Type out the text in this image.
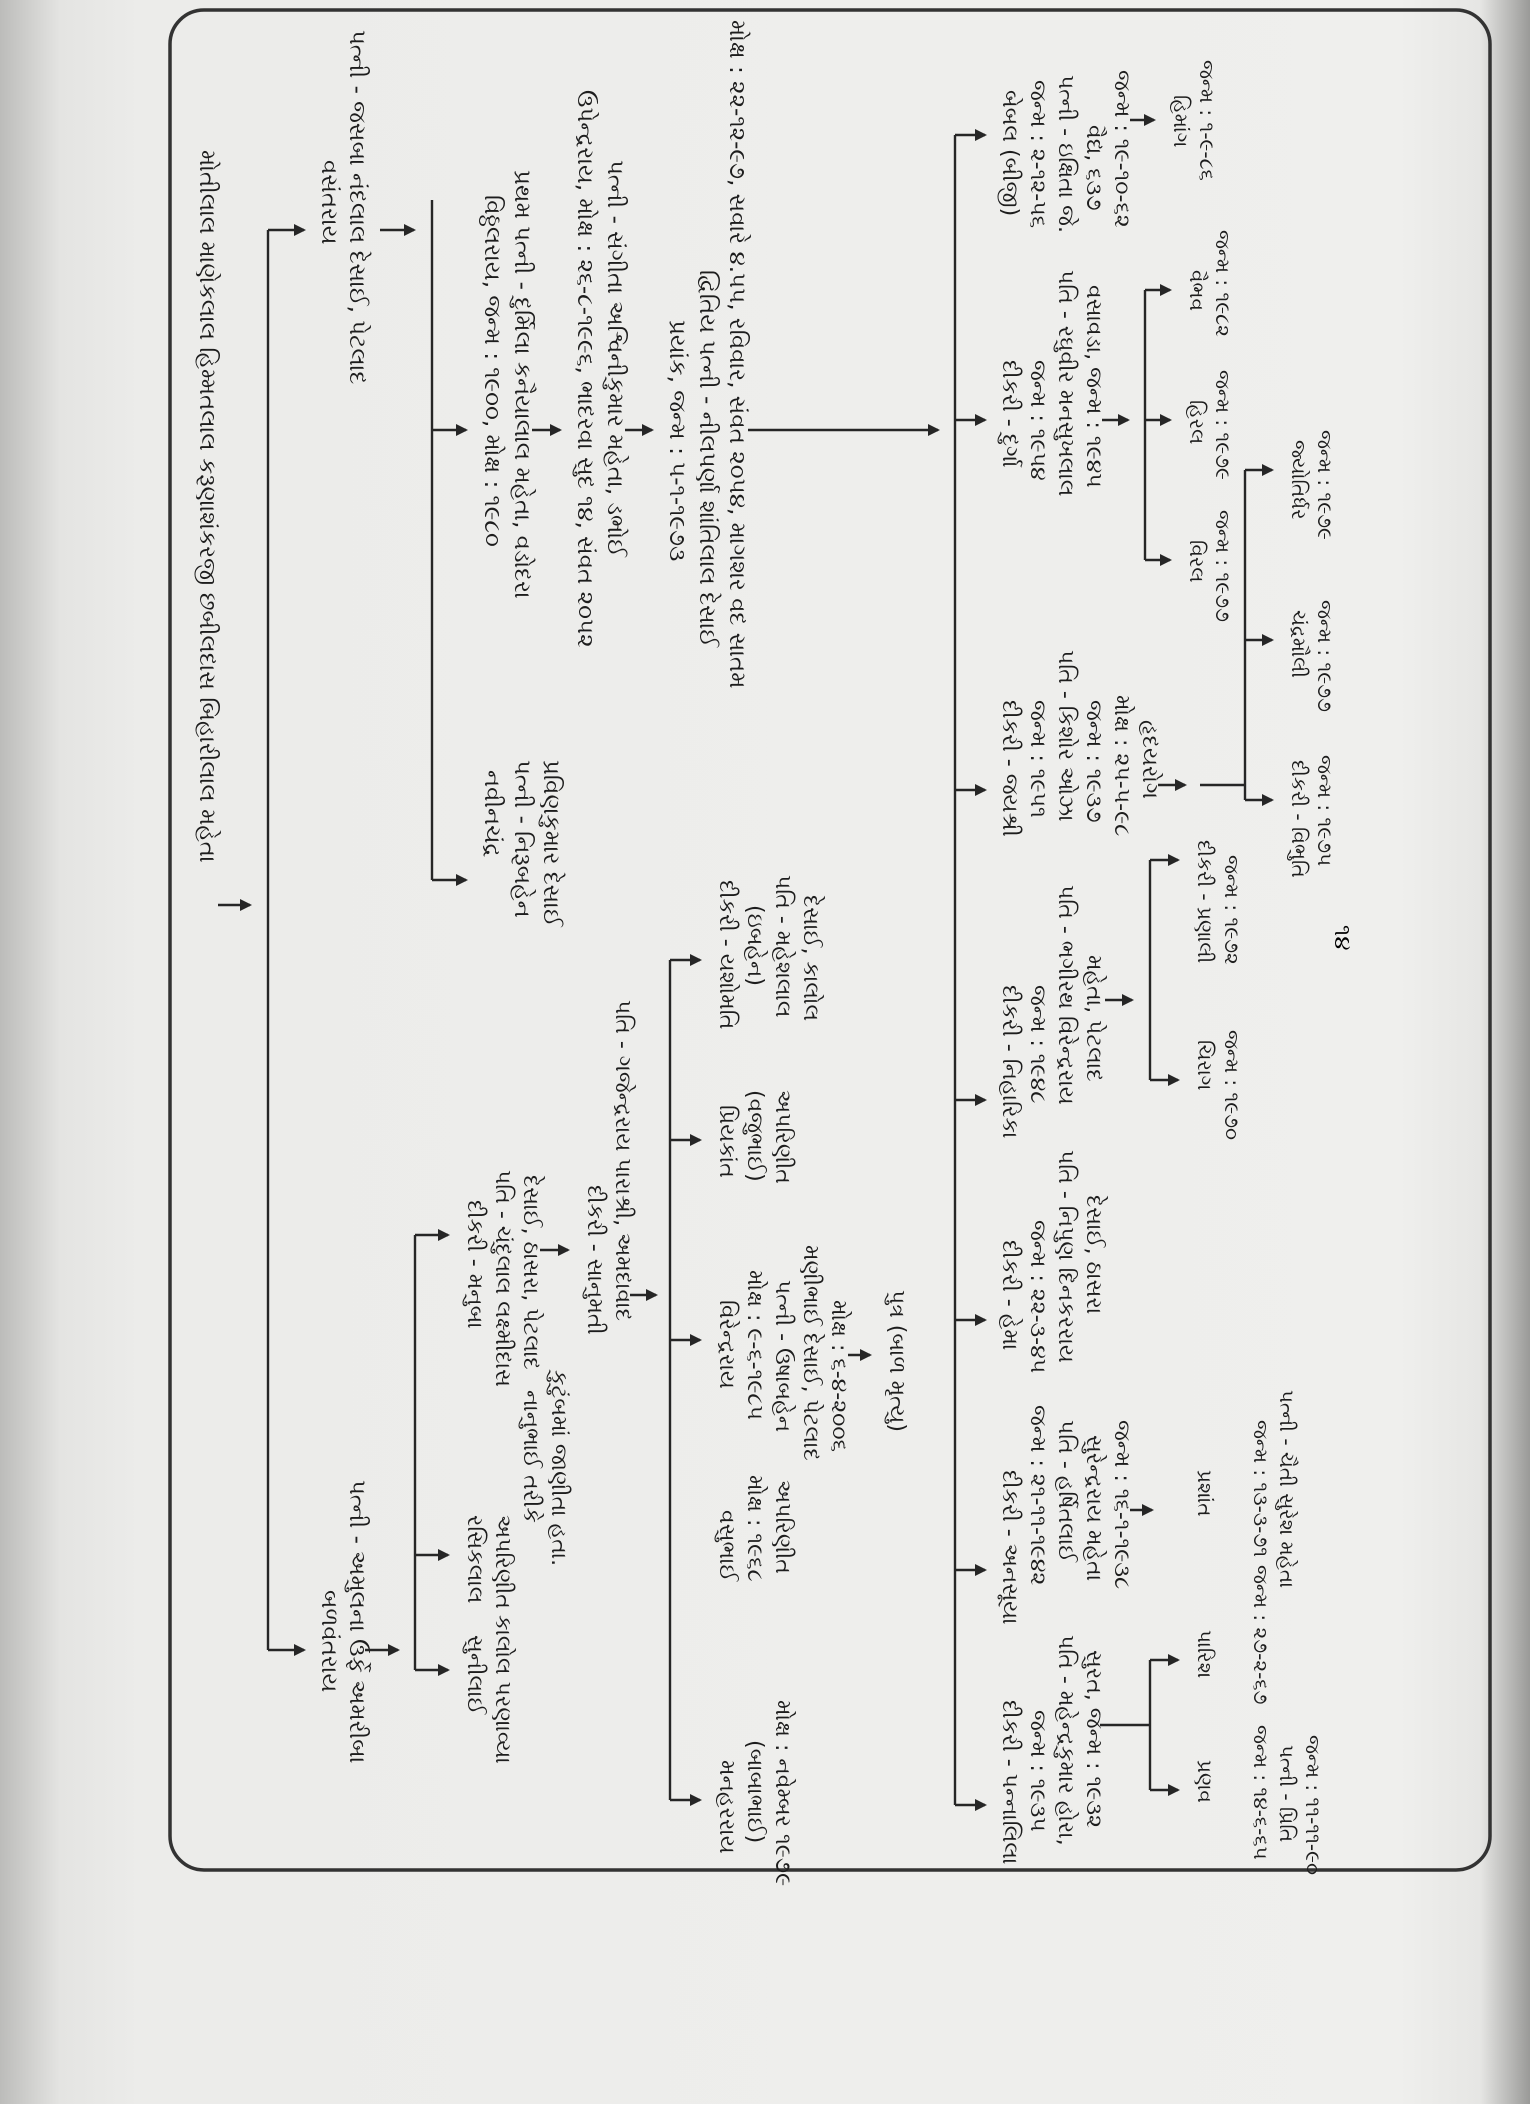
મોતીલાલ માણેકલાલ હિમ્મતલાલ કરૂણાશંકરજી છબીલદાસ બિહારીલાલ મહેતા	વસંતરાય પત્ની - જસબા નંદલાલ દેસાઈ, પેટલાદ
નવીનચંદ્ર પત્ની - નિરૂબહેન પ્રવિણકુમાર દેસાઈ
વિઠ્ઠલરાય, જન્મ : ૧૯૦૦, મોક્ષ : ૧૯૮૦ પ્રથમ પત્ની - દુર્મિલા કનૈયાલાલ મહેતા, વડોદરા ઉપેન્દ્રરાય, મોક્ષ : ૨૬-૮-૧૯૯૬, ભાદરવા સુદ ૧૪, સંવત ૨૦૫૨ પત્ની - સંગીતા અશ્વિનીકુમાર મહેતા, ડભોઈ પ્રયાંક, જન્મ : ૫-૧-૧૯૭૩ દ્વિતિય પત્ની - નીલપર્ણા શાંતિલાલ દેસાઈ મોક્ષ : ૨૨-૧૨-૯૭, સવારે ૪.૫૫, રવિવાર, સંવત ૨૦૫૪, માગશર વદ સાતમ
બળવંતરાય પત્ની - અમુલના ઉર્ફે અમરીબા	સુનીલાઈ કાલોલ પરણાવ્યા
રસિકલાલ અપરિણીત
નાનુભાઈ તરીકે કુટુંબમાં જાણીતા હતા.
દીકરી - મનુબા પતિ - ચંદુલાલ લક્ષ્મીદાસ દેસાઈ, ઠાસરા, પેટલાદ દીકરી - સાનુમતી પતિ - ગજેન્દ્રરાય પારાશ્રી, અમદાવાદ
મનહરરાય (બાબાભાઈ) મોક્ષ : નવેમ્બર ૧૯૭૯
વસુભાઈ મોક્ષ : ૧૯૬૮ અપરિણીત
વિરેન્દ્રરાય મોક્ષ : ૯-૬-૧૯૮૫ પત્ની - ઉષાબહેન મણીભાઈ દેસાઈ, પેટલાદ મોક્ષ : ૬-૪-૨૦૦૬ પુત્ર (બાળ મૃત્યુ)
પ્રિયકાંત (વજુભાઈ) અપરિણીત
દીકરી - યશોમતિ (ઇબહેન) પતિ - મહેશલાલ દેસાઈ, કાલોલ
દીકરી - પન્નાલિલા જન્મ : ૧૯૩૫ પતિ - મહેન્દ્રકુમાર હોરા, સુરત, જન્મ : ૧૯૩૨
દીકરી - અનસૂયા જન્મ : ૨૧-૧૧-૧૯૪૨ પતિ - હર્ષિતલાઈ સુરેન્દ્રરાય મહેતા જન્મ : ૧૬-૧-૧૯૩૮
દીકરી - હેમા જન્મ : ૨૨-૩-૪૫ પતિ - નિપુણ દિનકરરાય દેસાઈ, ઠાસરા
દીકરી - નિહારિકા જન્મ : ૧૯૪૮ પતિ - ભગીરથ વિરેન્દ્રરાય મહેતા, પેટલાદ
દીકરી - જયશ્રી જન્મ : ૧૯૫૧ પતિ - કિશોર ઓઝા જન્મ : ૧૯૩૭ મોક્ષ : ૨૫-૫-૯૮ હૃદયરોગ
દીકરી - દુર્ગા જન્મ : ૧૯૫૪ પતિ - રઘુવીર મનસુખલાલ વસાવડા, જન્મ : ૧૯૪૫
બેબલ (બીજી) જન્મ : ૨-૧૨-૫૬ પત્ની - ઇક્ષિતા જે. વૈદ્ય, ૬૩૭ જન્મ : ૧૯-૧૦-૬૨
પ્રણવ જન્મ : ૧૪-૬-૬૫ પત્ની - પ્રિતિ જન્મ : ૧૧-૧૧-૯૦
પારિશ જન્મ : ૨૭-૨-૬૭
પ્રશાંત જન્મ : ૧૩-૩-૭૧ પત્ની - ચૈતી સુરેશ મહેતા
ચિરાગ જન્મ : ૧૯૭૦
દીકરી - પ્રણાલી જન્મ : ૧૯૭૨
દીકરી - વિભુતિ જન્મ : ૧૯૭૫
ચંદ્રમૌલી જન્મ : ૧૯૭૭
જ્યોતિર્ધર જન્મ : ૧૯૭૯
વિરલ જન્મ : ૧૯૭૭
હિરલ જન્મ : ૧૯૭૯
વૈભવ જન્મ : ૧૯૮૨
હિમાંગ જન્મ : ૧-૯-૮૬
૧૪
